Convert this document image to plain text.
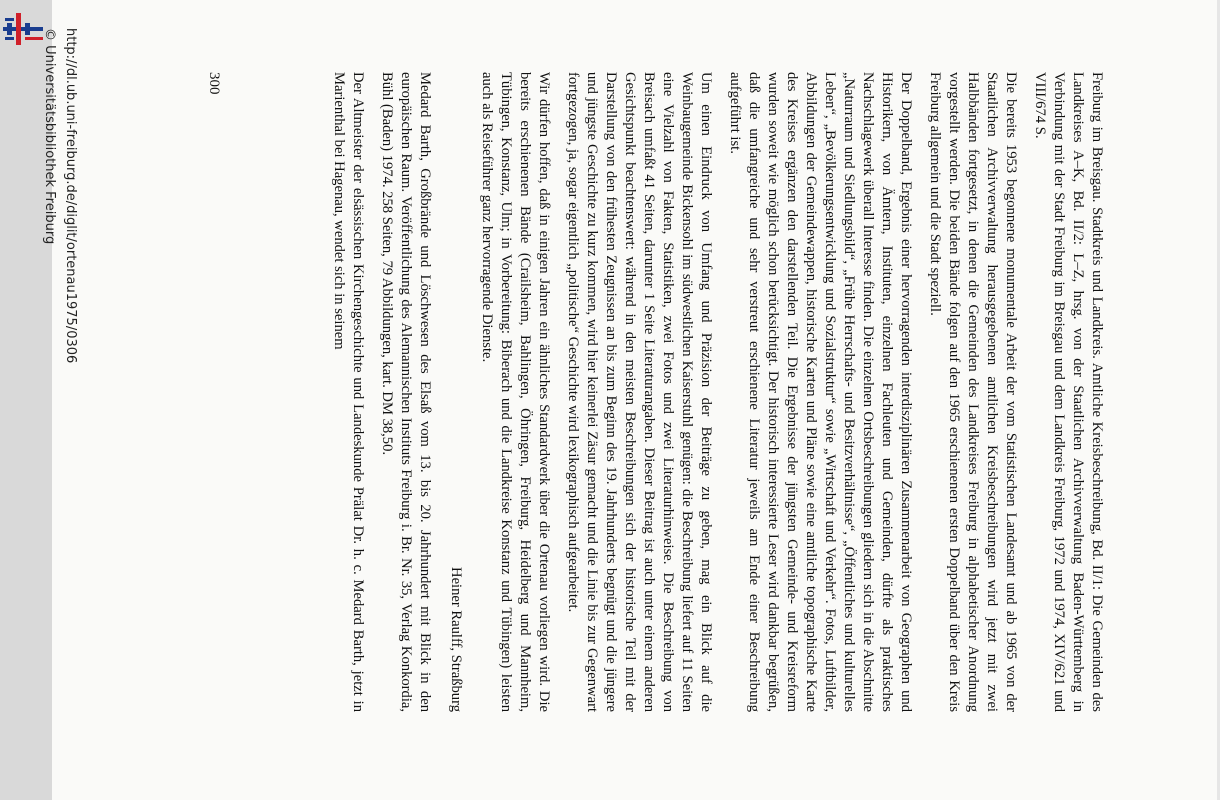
http://dl.ub.uni-freiburg.de/diglit/ortenau1975/0306
© Universitätsbibliothek Freiburg	Freiburg im Breisgau. Stadtkreis und Landkreis. Amtliche Kreisbeschreibung, Bd. II/1: Die Gemeinden des Landkreises A–K, Bd. II/2: L–Z, hrsg. von der Staatlichen Archivverwaltung Baden-Württemberg in Verbindung mit der Stadt Freiburg im Breisgau und dem Landkreis Freiburg, 1972 und 1974, XIV/621 und VIII/674 S.

Die bereits 1953 begonnene monumentale Arbeit der vom Statistischen Landesamt und ab 1965 von der Staatlichen Archivverwaltung herausgegebenen amtlichen Kreisbeschreibungen wird jetzt mit zwei Halbbänden fortgesetzt, in denen die Gemeinden des Landkreises Freiburg in alphabetischer Anordnung vorgestellt werden. Die beiden Bände folgen auf den 1965 erschienenen ersten Doppelband über den Kreis Freiburg allgemein und die Stadt speziell.

Der Doppelband, Ergebnis einer hervorragenden interdisziplinären Zusammenarbeit von Geographen und Historikern, von Ämtern, Instituten, einzelnen Fachleuten und Gemeinden, dürfte als praktisches Nachschlagewerk überall Interesse finden. Die einzelnen Ortsbeschreibungen gliedern sich in die Abschnitte „Naturraum und Siedlungsbild“, „Frühe Herrschafts- und Besitzverhältnisse“, „Öffentliches und kulturelles Leben“, „Bevölkerungsentwicklung und Sozialstruktur“ sowie „Wirtschaft und Verkehr“. Fotos, Luftbilder, Abbildungen der Gemeindewappen, historische Karten und Pläne sowie eine amtliche topographische Karte des Kreises ergänzen den darstellenden Teil. Die Ergebnisse der jüngsten Gemeinde- und Kreisreform wurden soweit wie möglich schon berücksichtigt. Der historisch interessierte Leser wird dankbar begrüßen, daß die umfangreiche und sehr verstreut erschienene Literatur jeweils am Ende einer Beschreibung aufgeführt ist.

Um einen Eindruck von Umfang und Präzision der Beiträge zu geben, mag ein Blick auf die Weinbaugemeinde Bickensohl im südwestlichen Kaiserstuhl genügen: die Beschreibung liefert auf 11 Seiten eine Vielzahl von Fakten, Statistiken, zwei Fotos und zwei Literaturhinweise. Die Beschreibung von Breisach umfaßt 41 Seiten, darunter 1 Seite Literaturangaben. Dieser Beitrag ist auch unter einem anderen Gesichtspunkt beachtenswert: während in den meisten Beschreibungen sich der historische Teil mit der Darstellung von den frühesten Zeugnissen an bis zum Beginn des 19. Jahrhunderts begnügt und die jüngere und jüngste Geschichte zu kurz kommen, wird hier keinerlei Zäsur gemacht und die Linie bis zur Gegenwart fortgezogen, ja, sogar eigentlich „politische“ Geschichte wird lexikographisch aufgearbeitet.

Wir dürfen hoffen, daß in einigen Jahren ein ähnliches Standardwerk über die Ortenau vorliegen wird. Die bereits erschienenen Bände (Crailsheim, Bahlingen, Öhringen, Freiburg, Heidelberg und Mannheim, Tübingen, Konstanz, Ulm; in Vorbereitung: Biberach und die Landkreise Konstanz und Tübingen) leisten auch als Reiseführer ganz hervorragende Dienste.

Heiner Raulff, Straßburg

Medard Barth, Großbrände und Löschwesen des Elsaß vom 13. bis 20. Jahrhundert mit Blick in den europäischen Raum. Veröffentlichung des Alemannischen Instituts Freiburg i. Br. Nr. 35, Verlag Konkordia, Bühl (Baden) 1974. 258 Seiten, 79 Abbildungen, kart. DM 38,50.

Der Altmeister der elsässischen Kirchengeschichte und Landeskunde Prälat Dr. h. c. Medard Barth, jetzt in Marienthal bei Hagenau, wendet sich in seinem

300
